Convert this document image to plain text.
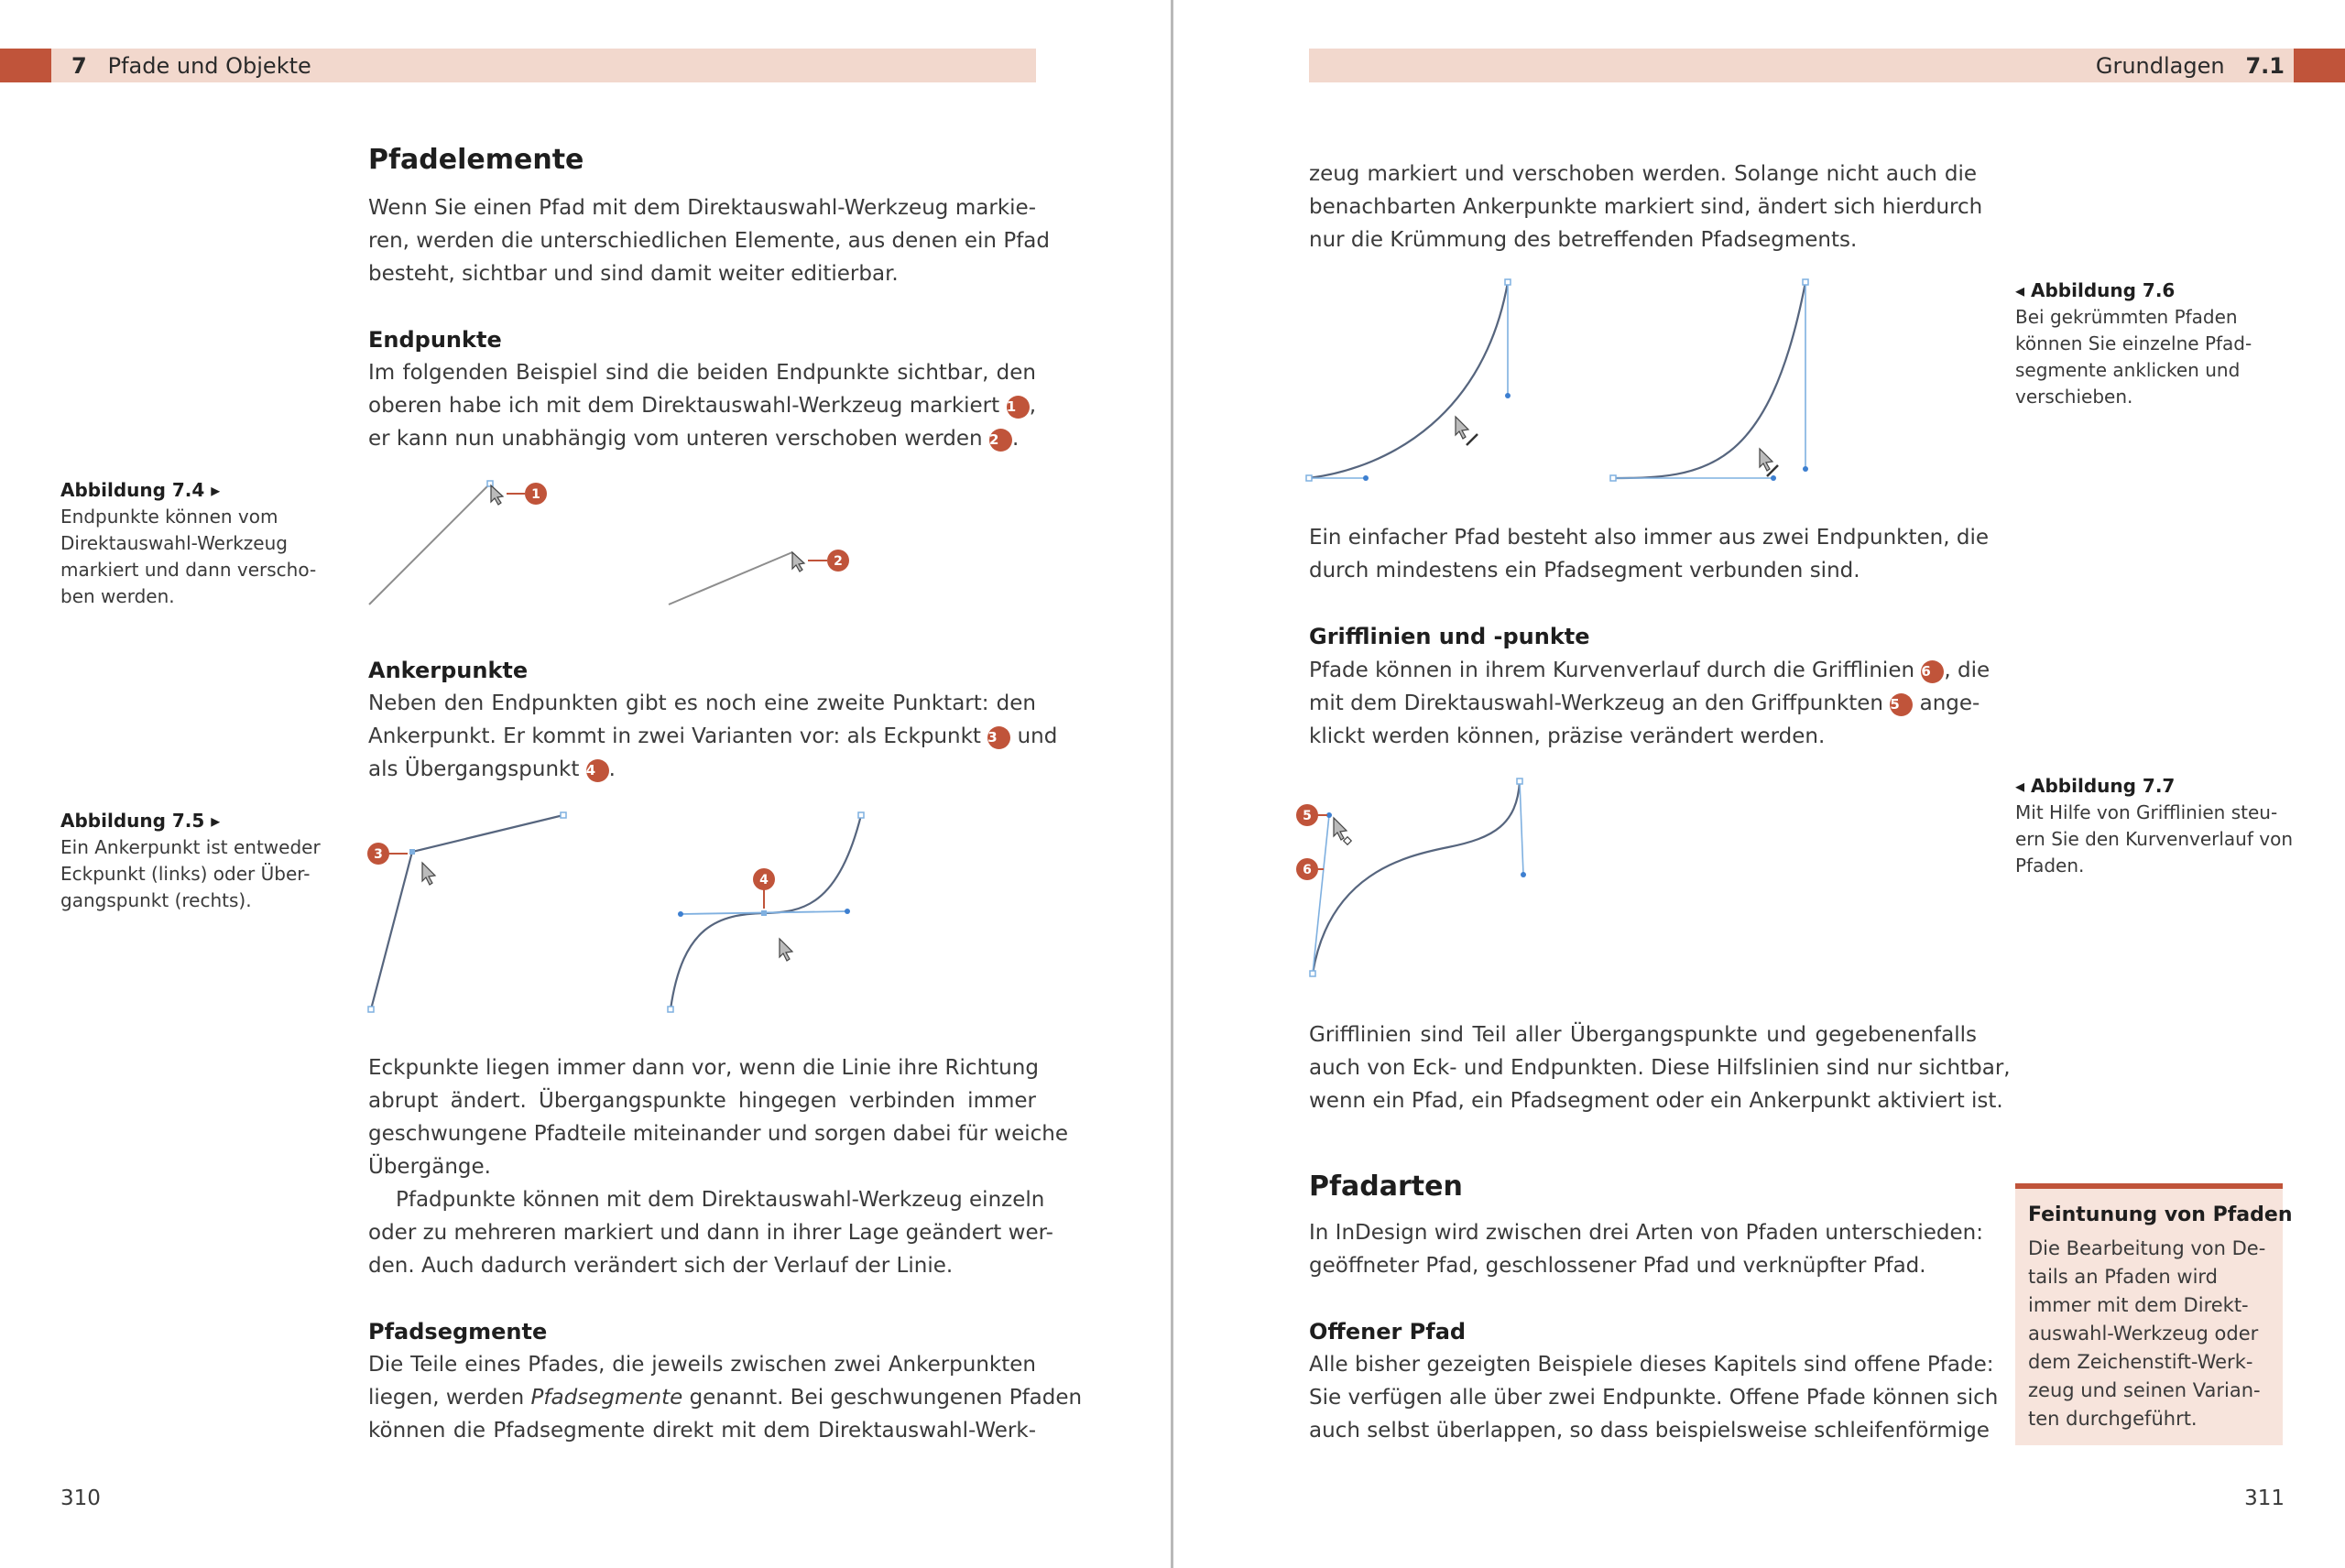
7 Pfade und Objekte
Pfadelemente
Wenn Sie einen Pfad mit dem Direktauswahl-Werkzeug markie-
ren, werden die unterschiedlichen Elemente, aus denen ein Pfad
besteht, sichtbar und sind damit weiter editierbar.
Endpunkte
Im folgenden Beispiel sind die beiden Endpunkte sichtbar, den
oberen habe ich mit dem Direktauswahl-Werkzeug markiert 1 ,
er kann nun unabhängig vom unteren verschoben werden 2 .
Abbildung 7.4 ▸
Endpunkte können vom
Direktauswahl-Werkzeug
markiert und dann verscho-
ben werden.
1
2
Ankerpunkte
Neben den Endpunkten gibt es noch eine zweite Punktart: den
Ankerpunkt. Er kommt in zwei Varianten vor: als Eckpunkt 3 und
als Übergangspunkt 4 .
Abbildung 7.5 ▸
Ein Ankerpunkt ist entweder
Eckpunkt (links) oder Über-
gangspunkt (rechts).
3
4
Eckpunkte liegen immer dann vor, wenn die Linie ihre Richtung
abrupt ändert. Übergangspunkte hingegen verbinden immer
geschwungene Pfadteile miteinander und sorgen dabei für weiche
Übergänge.
Pfadpunkte können mit dem Direktauswahl-Werkzeug einzeln
oder zu mehreren markiert und dann in ihrer Lage geändert wer-
den. Auch dadurch verändert sich der Verlauf der Linie.
Pfadsegmente
Die Teile eines Pfades, die jeweils zwischen zwei Ankerpunkten
liegen, werden Pfadsegmente genannt. Bei geschwungenen Pfaden
können die Pfadsegmente direkt mit dem Direktauswahl-Werk-
310
Grundlagen 7.1
zeug markiert und verschoben werden. Solange nicht auch die
benachbarten Ankerpunkte markiert sind, ändert sich hierdurch
nur die Krümmung des betreffenden Pfadsegments.
◂ Abbildung 7.6
Bei gekrümmten Pfaden
können Sie einzelne Pfad-
segmente anklicken und
verschieben.
Ein einfacher Pfad besteht also immer aus zwei Endpunkten, die
durch mindestens ein Pfadsegment verbunden sind.
Grifflinien und -punkte
Pfade können in ihrem Kurvenverlauf durch die Grifflinien 6 , die
mit dem Direktauswahl-Werkzeug an den Griffpunkten 5 ange-
klickt werden können, präzise verändert werden.
◂ Abbildung 7.7
Mit Hilfe von Grifflinien steu-
ern Sie den Kurvenverlauf von
Pfaden.
5
6
Grifflinien sind Teil aller Übergangspunkte und gegebenenfalls
auch von Eck- und Endpunkten. Diese Hilfslinien sind nur sichtbar,
wenn ein Pfad, ein Pfadsegment oder ein Ankerpunkt aktiviert ist.
Pfadarten
In InDesign wird zwischen drei Arten von Pfaden unterschieden:
geöffneter Pfad, geschlossener Pfad und verknüpfter Pfad.
Offener Pfad
Alle bisher gezeigten Beispiele dieses Kapitels sind offene Pfade:
Sie verfügen alle über zwei Endpunkte. Offene Pfade können sich
auch selbst überlappen, so dass beispielsweise schleifenförmige
311
Feintunung von Pfaden
Die Bearbeitung von De-
tails an Pfaden wird
immer mit dem Direkt-
auswahl-Werkzeug oder
dem Zeichenstift-Werk-
zeug und seinen Varian-
ten durchgeführt.
